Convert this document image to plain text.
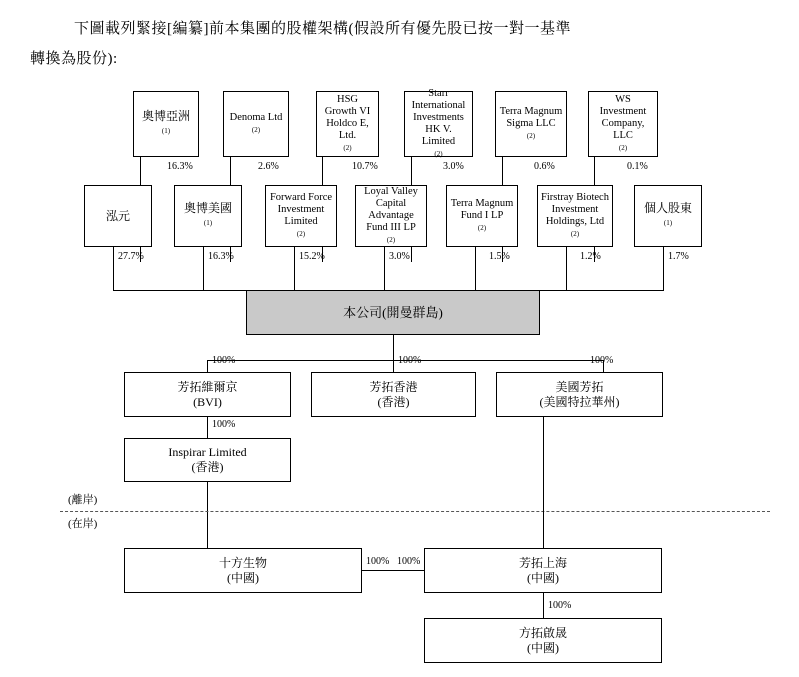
下圖載列緊接[編纂]前本集團的股權架構(假設所有優先股已按一對一基準
轉換為股份):
奧博亞洲
(1)
Denoma Ltd
(2)
HSG Growth VI Holdco E, Ltd.
(2)
Starr International Investments HK V. Limited
(2)
Terra Magnum Sigma LLC
(2)
WS Investment Company, LLC
(2)
16.3%	2.6%	10.7%	3.0%	0.6%	0.1%
泓元
奧博美國
(1)
Forward Force Investment Limited
(2)
Loyal Valley Capital Advantage Fund III LP
(2)
Terra Magnum Fund I LP
(2)
Firstray Biotech Investment Holdings, Ltd
(2)
個人股東
(1)
27.7%	16.3%	15.2%	3.0%	1.5%	1.2%	1.7%
本公司(開曼群島)
100%	100%	100%
芳拓維爾京
(BVI)
芳拓香港
(香港)
美國芳拓
(美國特拉華州)
100%
Inspirar Limited
(香港)
(離岸)
(在岸)
十方生物
(中國)
芳拓上海
(中國)
100% 100%
100%
方拓啟晟
(中國)
